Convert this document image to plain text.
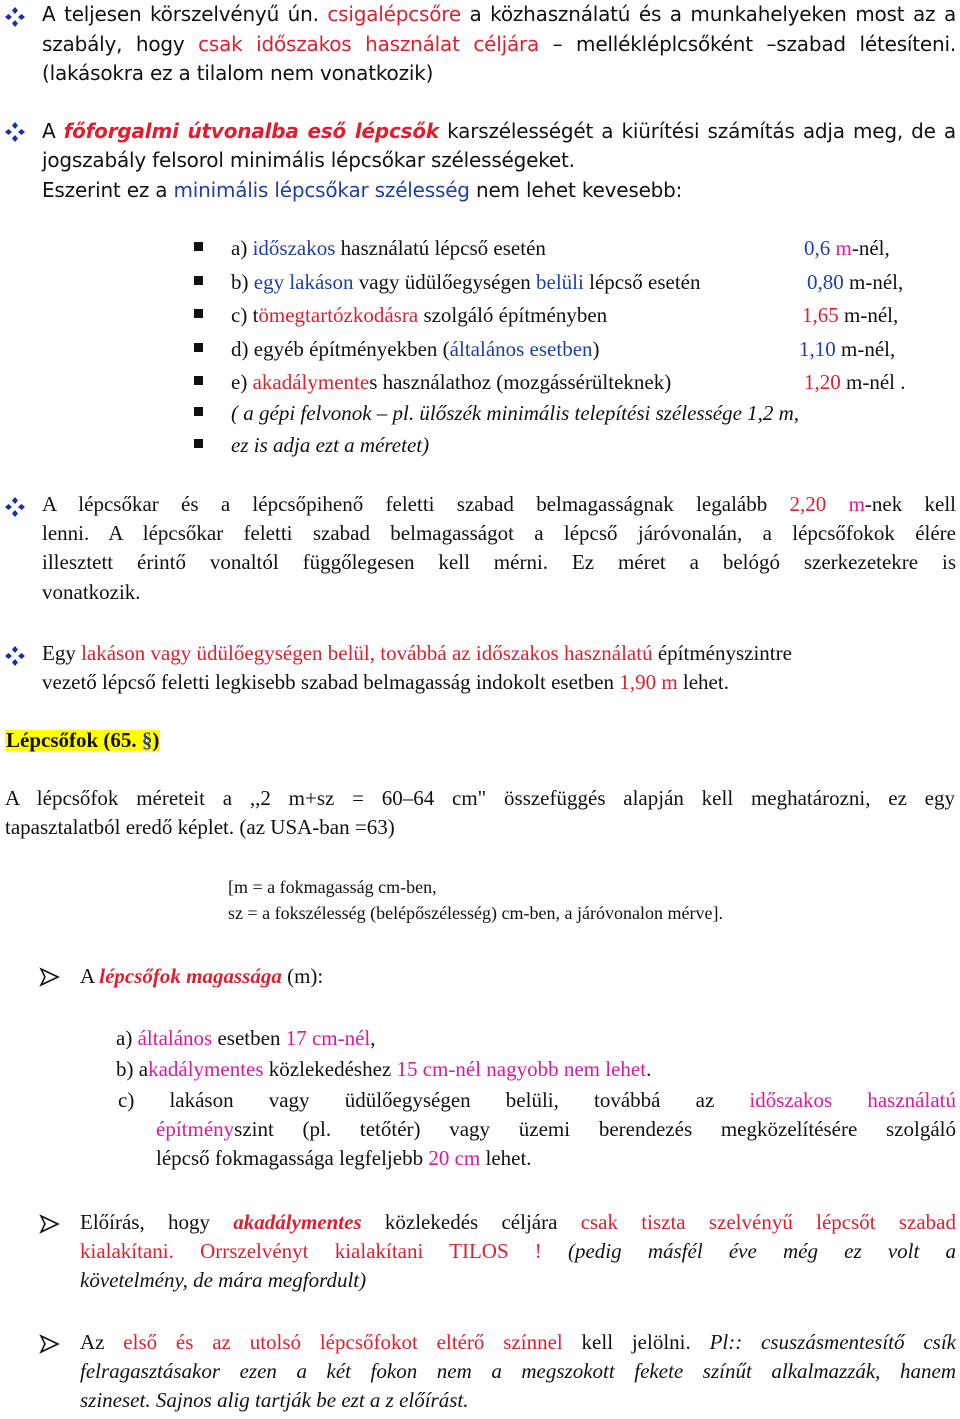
A teljesen körszelvényű ún. csigalépcsőre a közhasználatú és a munkahelyeken most az a
szabály, hogy csak időszakos használat céljára – mellékléplcsőként –szabad létesíteni.
(lakásokra ez a tilalom nem vonatkozik)
A főforgalmi útvonalba eső lépcsők karszélességét a kiürítési számítás adja meg, de a
jogszabály felsorol minimális lépcsőkar szélességeket.
Eszerint ez a minimális lépcsőkar szélesség nem lehet kevesebb:
a) időszakos használatú lépcső esetén	0,6 m-nél,
b) egy lakáson vagy üdülőegységen belüli lépcső esetén	0,80 m-nél,
c) tömegtartózkodásra szolgáló építményben	1,65 m-nél,
d) egyéb építményekben (általános esetben)	1,10 m-nél,
e) akadálymentes használathoz (mozgássérülteknek)	1,20 m-nél .
( a gépi felvonok – pl. ülőszék minimális telepítési szélessége 1,2 m,
ez is adja ezt a méretet)
A lépcsőkar és a lépcsőpihenő feletti szabad belmagasságnak legalább 2,20 m-nek kell
lenni. A lépcsőkar feletti szabad belmagasságot a lépcső járóvonalán, a lépcsőfokok élére
illesztett érintő vonaltól függőlegesen kell mérni. Ez méret a belógó szerkezetekre is
vonatkozik.
Egy lakáson vagy üdülőegységen belül, továbbá az időszakos használatú építményszintre
vezető lépcső feletti legkisebb szabad belmagasság indokolt esetben 1,90 m lehet.
Lépcsőfok (65. §)
A lépcsőfok méreteit a ,,2 m+sz = 60–64 cm" összefüggés alapján kell meghatározni, ez egy
tapasztalatból eredő képlet. (az USA-ban =63)
[m = a fokmagasság cm-ben,
sz = a fokszélesség (belépőszélesség) cm-ben, a járóvonalon mérve].
A lépcsőfok magassága (m):
a) általános esetben 17 cm-nél,
b) akadálymentes közlekedéshez 15 cm-nél nagyobb nem lehet.
c) lakáson vagy üdülőegységen belüli, továbbá az időszakos használatú
építményszint (pl. tetőtér) vagy üzemi berendezés megközelítésére szolgáló
lépcső fokmagassága legfeljebb 20 cm lehet.
Előírás, hogy akadálymentes közlekedés céljára csak tiszta szelvényű lépcsőt szabad
kialakítani. Orrszelvényt kialakítani TILOS ! (pedig másfél éve még ez volt a
követelmény, de mára megfordult)
Az első és az utolsó lépcsőfokot eltérő színnel kell jelölni. Pl:: csuszásmentesítő csík
felragasztásakor ezen a két fokon nem a megszokott fekete színűt alkalmazzák, hanem
szineset. Sajnos alig tartják be ezt a z előírást.
